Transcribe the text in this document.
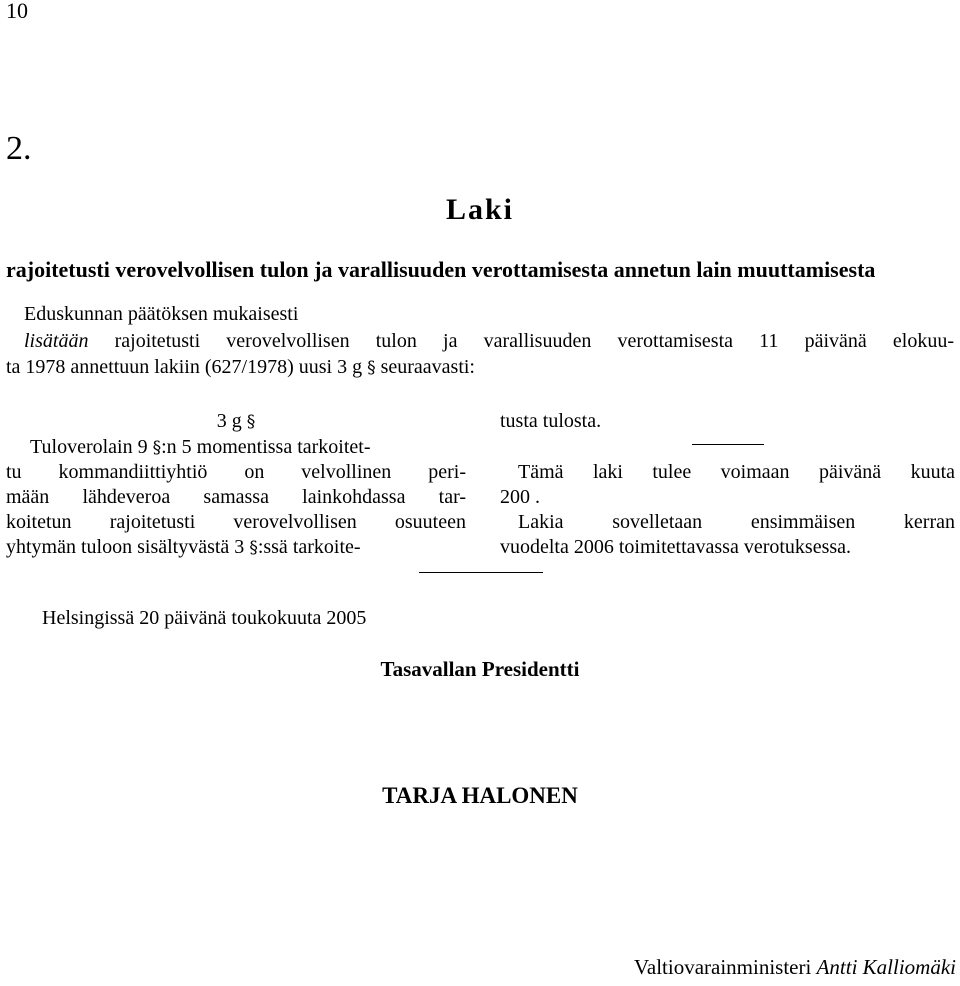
10
2.
Laki
rajoitetusti verovelvollisen tulon ja varallisuuden verottamisesta annetun lain muuttamisesta
Eduskunnan päätöksen mukaisesti
lisätään rajoitetusti verovelvollisen tulon ja varallisuuden verottamisesta 11 päivänä elokuu-
ta 1978 annettuun lakiin (627/1978) uusi 3 g § seuraavasti:
3 g §
Tuloverolain 9 §:n 5 momentissa tarkoitet-
tu kommandiittiyhtiö on velvollinen peri-
mään lähdeveroa samassa lainkohdassa tar-
koitetun rajoitetusti verovelvollisen osuuteen
yhtymän tuloon sisältyvästä 3 §:ssä tarkoite-
tusta tulosta.
Tämä laki tulee voimaan päivänä kuuta
200 .
Lakia sovelletaan ensimmäisen kerran
vuodelta 2006 toimitettavassa verotuksessa.
Helsingissä 20 päivänä toukokuuta 2005
Tasavallan Presidentti
TARJA HALONEN
Valtiovarainministeri Antti Kalliomäki
